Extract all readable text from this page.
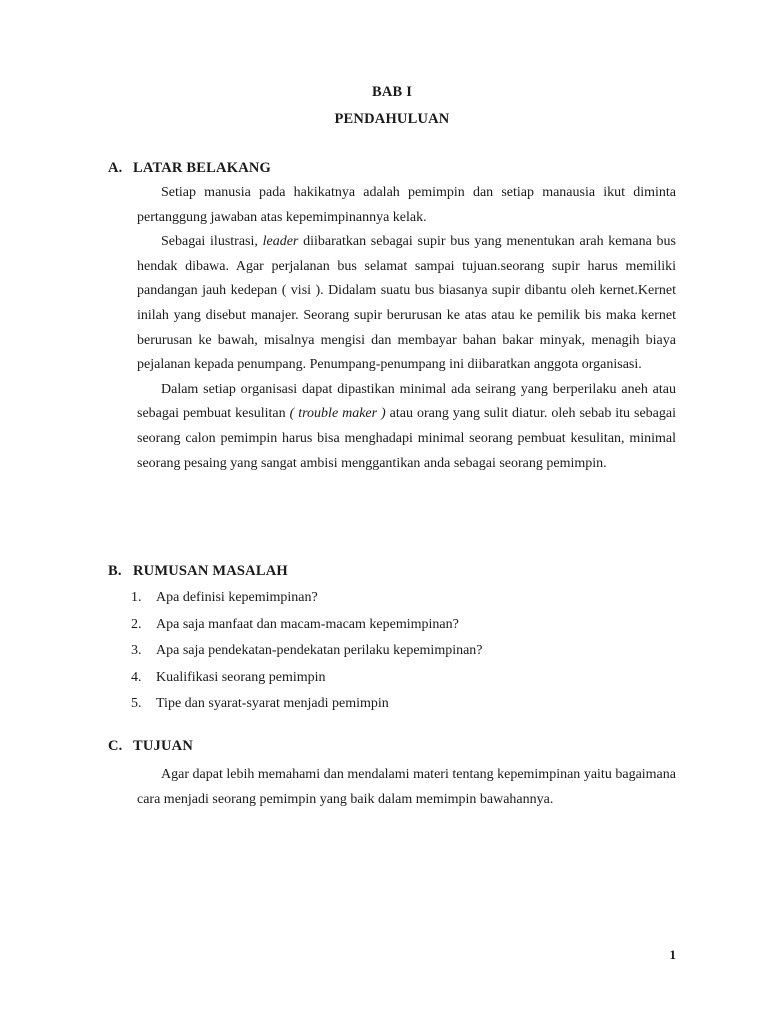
BAB I
PENDAHULUAN
A. LATAR BELAKANG

Setiap manusia pada hakikatnya adalah pemimpin dan setiap manausia ikut diminta pertanggung jawaban atas kepemimpinannya kelak.

Sebagai ilustrasi, leader diibaratkan sebagai supir bus yang menentukan arah kemana bus hendak dibawa. Agar perjalanan bus selamat sampai tujuan.seorang supir harus memiliki pandangan jauh kedepan ( visi ). Didalam suatu bus biasanya supir dibantu oleh kernet.Kernet inilah yang disebut manajer. Seorang supir berurusan ke atas atau ke pemilik bis maka kernet berurusan ke bawah, misalnya mengisi dan membayar bahan bakar minyak, menagih biaya pejalanan kepada penumpang. Penumpang-penumpang ini diibaratkan anggota organisasi.

Dalam setiap organisasi dapat dipastikan minimal ada seirang yang berperilaku aneh atau sebagai pembuat kesulitan ( trouble maker ) atau orang yang sulit diatur. oleh sebab itu sebagai seorang calon pemimpin harus bisa menghadapi minimal seorang pembuat kesulitan, minimal seorang pesaing yang sangat ambisi menggantikan anda sebagai seorang pemimpin.

B. RUMUSAN MASALAH
1. Apa definisi kepemimpinan?
2. Apa saja manfaat dan macam-macam kepemimpinan?
3. Apa saja pendekatan-pendekatan perilaku kepemimpinan?
4. Kualifikasi seorang pemimpin
5. Tipe dan syarat-syarat menjadi pemimpin
C. TUJUAN

Agar dapat lebih memahami dan mendalami materi tentang kepemimpinan yaitu bagaimana cara menjadi seorang pemimpin yang baik dalam memimpin bawahannya.

1
